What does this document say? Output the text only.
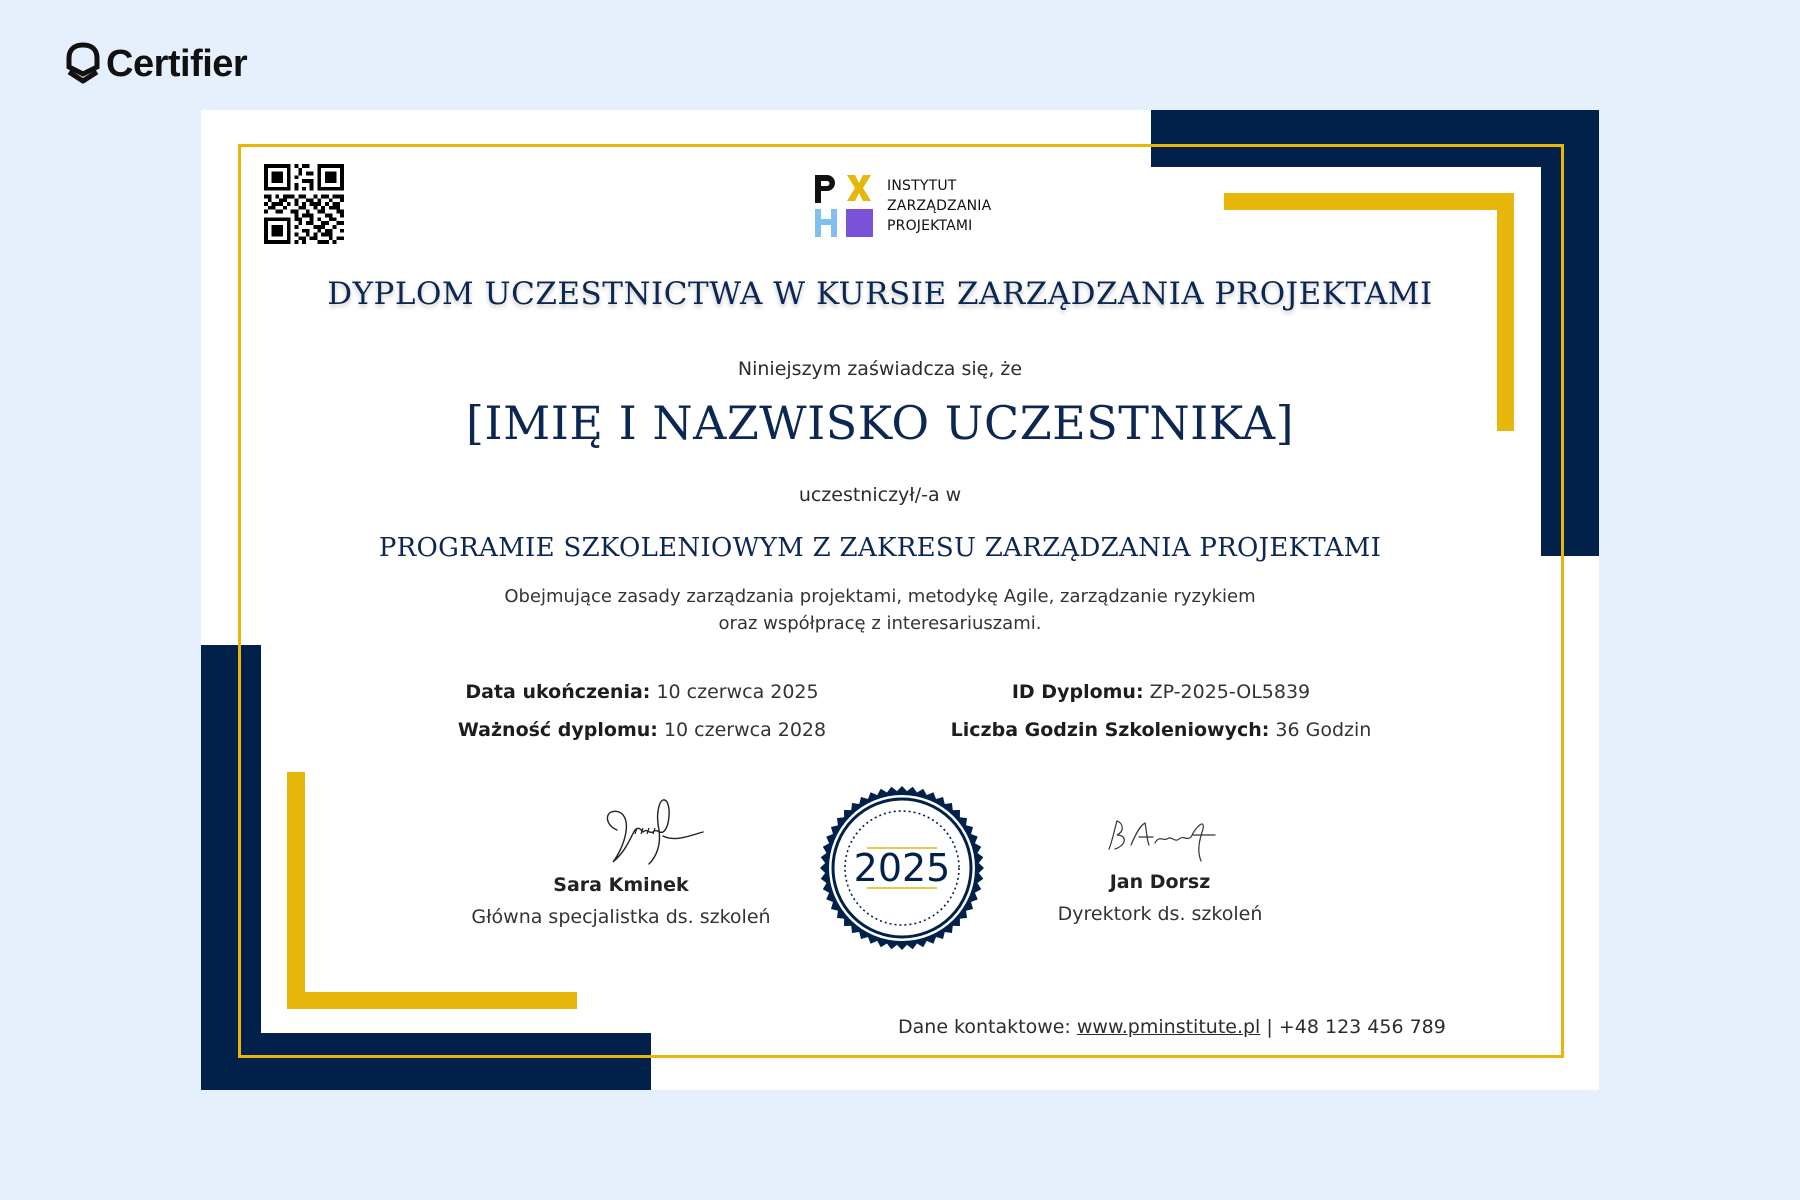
Certifier
INSTYTUT
ZARZĄDZANIA
PROJEKTAMI
DYPLOM UCZESTNICTWA W KURSIE ZARZĄDZANIA PROJEKTAMI
Niniejszym zaświadcza się, że
[IMIĘ I NAZWISKO UCZESTNIKA]
uczestniczył/-a w
PROGRAMIE SZKOLENIOWYM Z ZAKRESU ZARZĄDZANIA PROJEKTAMI
Obejmujące zasady zarządzania projektami, metodykę Agile, zarządzanie ryzykiem
oraz współpracę z interesariuszami.
Data ukończenia: 10 czerwca 2025
Ważność dyplomu: 10 czerwca 2028
ID Dyplomu: ZP-2025-OL5839
Liczba Godzin Szkoleniowych: 36 Godzin
Sara Kminek
Główna specjalistka ds. szkoleń
2025	Jan Dorsz
Dyrektork ds. szkoleń
Dane kontaktowe: www.pminstitute.pl | +48 123 456 789
